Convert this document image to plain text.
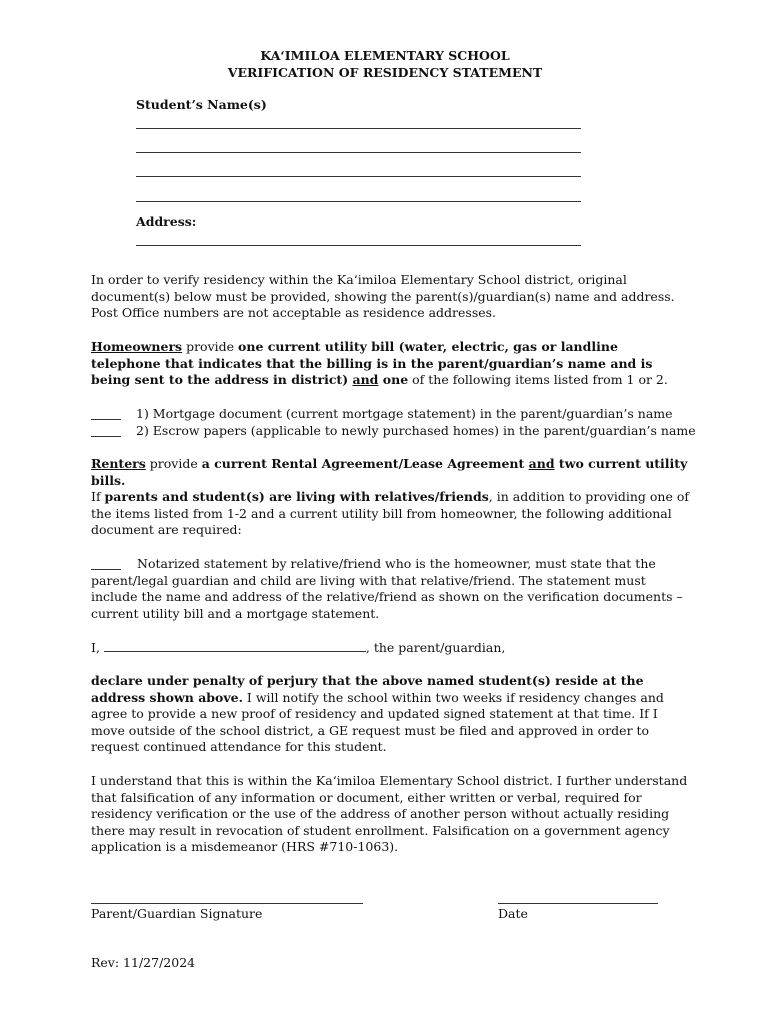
KA‘IMILOA ELEMENTARY SCHOOL
VERIFICATION OF RESIDENCY STATEMENT
Student’s Name(s)
Address:
In order to verify residency within the Ka‘imiloa Elementary School district, original document(s) below must be provided, showing the parent(s)/guardian(s) name and address. Post Office numbers are not acceptable as residence addresses.
Homeowners provide one current utility bill (water, electric, gas or landline telephone that indicates that the billing is in the parent/guardian’s name and is being sent to the address in district) and one of the following items listed from 1 or 2.
1) Mortgage document (current mortgage statement) in the parent/guardian’s name
2) Escrow papers (applicable to newly purchased homes) in the parent/guardian’s name
Renters provide a current Rental Agreement/Lease Agreement and two current utility bills.
If parents and student(s) are living with relatives/friends, in addition to providing one of the items listed from 1-2 and a current utility bill from homeowner, the following additional document are required:
Notarized statement by relative/friend who is the homeowner, must state that the parent/legal guardian and child are living with that relative/friend. The statement must include the name and address of the relative/friend as shown on the verification documents – current utility bill and a mortgage statement.
I,	, the parent/guardian,
declare under penalty of perjury that the above named student(s) reside at the address shown above. I will notify the school within two weeks if residency changes and agree to provide a new proof of residency and updated signed statement at that time. If I move outside of the school district, a GE request must be filed and approved in order to request continued attendance for this student.
I understand that this is within the Ka‘imiloa Elementary School district. I further understand that falsification of any information or document, either written or verbal, required for residency verification or the use of the address of another person without actually residing there may result in revocation of student enrollment. Falsification on a government agency application is a misdemeanor (HRS #710-1063).
Parent/Guardian Signature	Date
Rev: 11/27/2024
